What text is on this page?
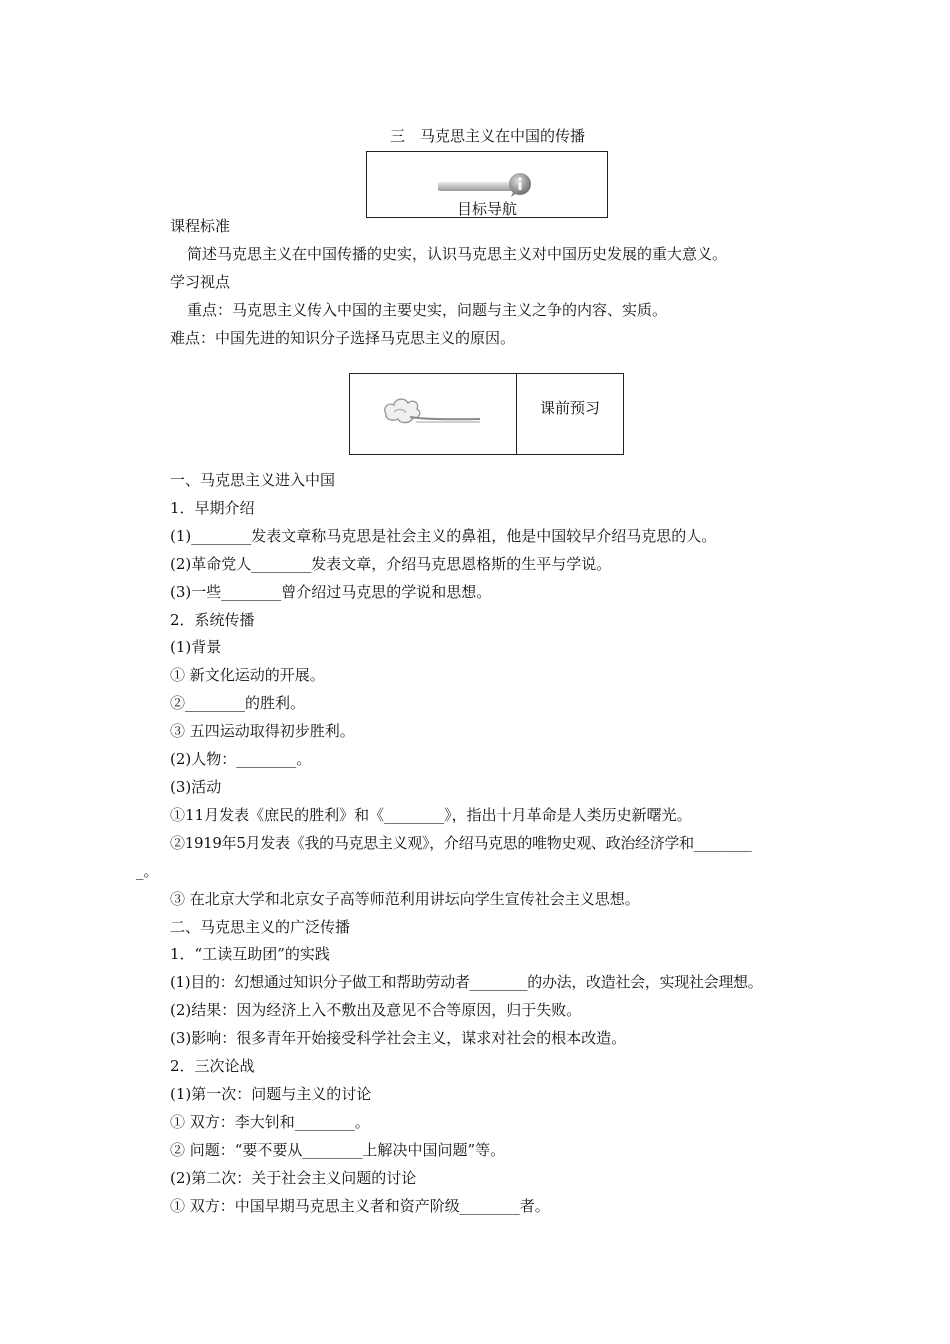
三　马克思主义在中国的传播
目标导航
课程标准
简述马克思主义在中国传播的史实，认识马克思主义对中国历史发展的重大意义。
学习视点
重点：马克思主义传入中国的主要史实，问题与主义之争的内容、实质。
难点：中国先进的知识分子选择马克思主义的原因。
课前预习
一、马克思主义进入中国
1．早期介绍
(1)________发表文章称马克思是社会主义的鼻祖，他是中国较早介绍马克思的人。
(2)革命党人________发表文章，介绍马克思恩格斯的生平与学说。
(3)一些________曾介绍过马克思的学说和思想。
2．系统传播
(1)背景
① 新文化运动的开展。
②________的胜利。
③ 五四运动取得初步胜利。
(2)人物：________。
(3)活动
①11月发表《庶民的胜利》和《________》，指出十月革命是人类历史新曙光。
②1919年5月发表《我的马克思主义观》，介绍马克思的唯物史观、政治经济学和________
_。
③ 在北京大学和北京女子高等师范利用讲坛向学生宣传社会主义思想。
二、马克思主义的广泛传播
1．“工读互助团”的实践
(1)目的：幻想通过知识分子做工和帮助劳动者________的办法，改造社会，实现社会理想。
(2)结果：因为经济上入不敷出及意见不合等原因，归于失败。
(3)影响：很多青年开始接受科学社会主义，谋求对社会的根本改造。
2．三次论战
(1)第一次：问题与主义的讨论
① 双方：李大钊和________。
② 问题：“要不要从________上解决中国问题”等。
(2)第二次：关于社会主义问题的讨论
① 双方：中国早期马克思主义者和资产阶级________者。
